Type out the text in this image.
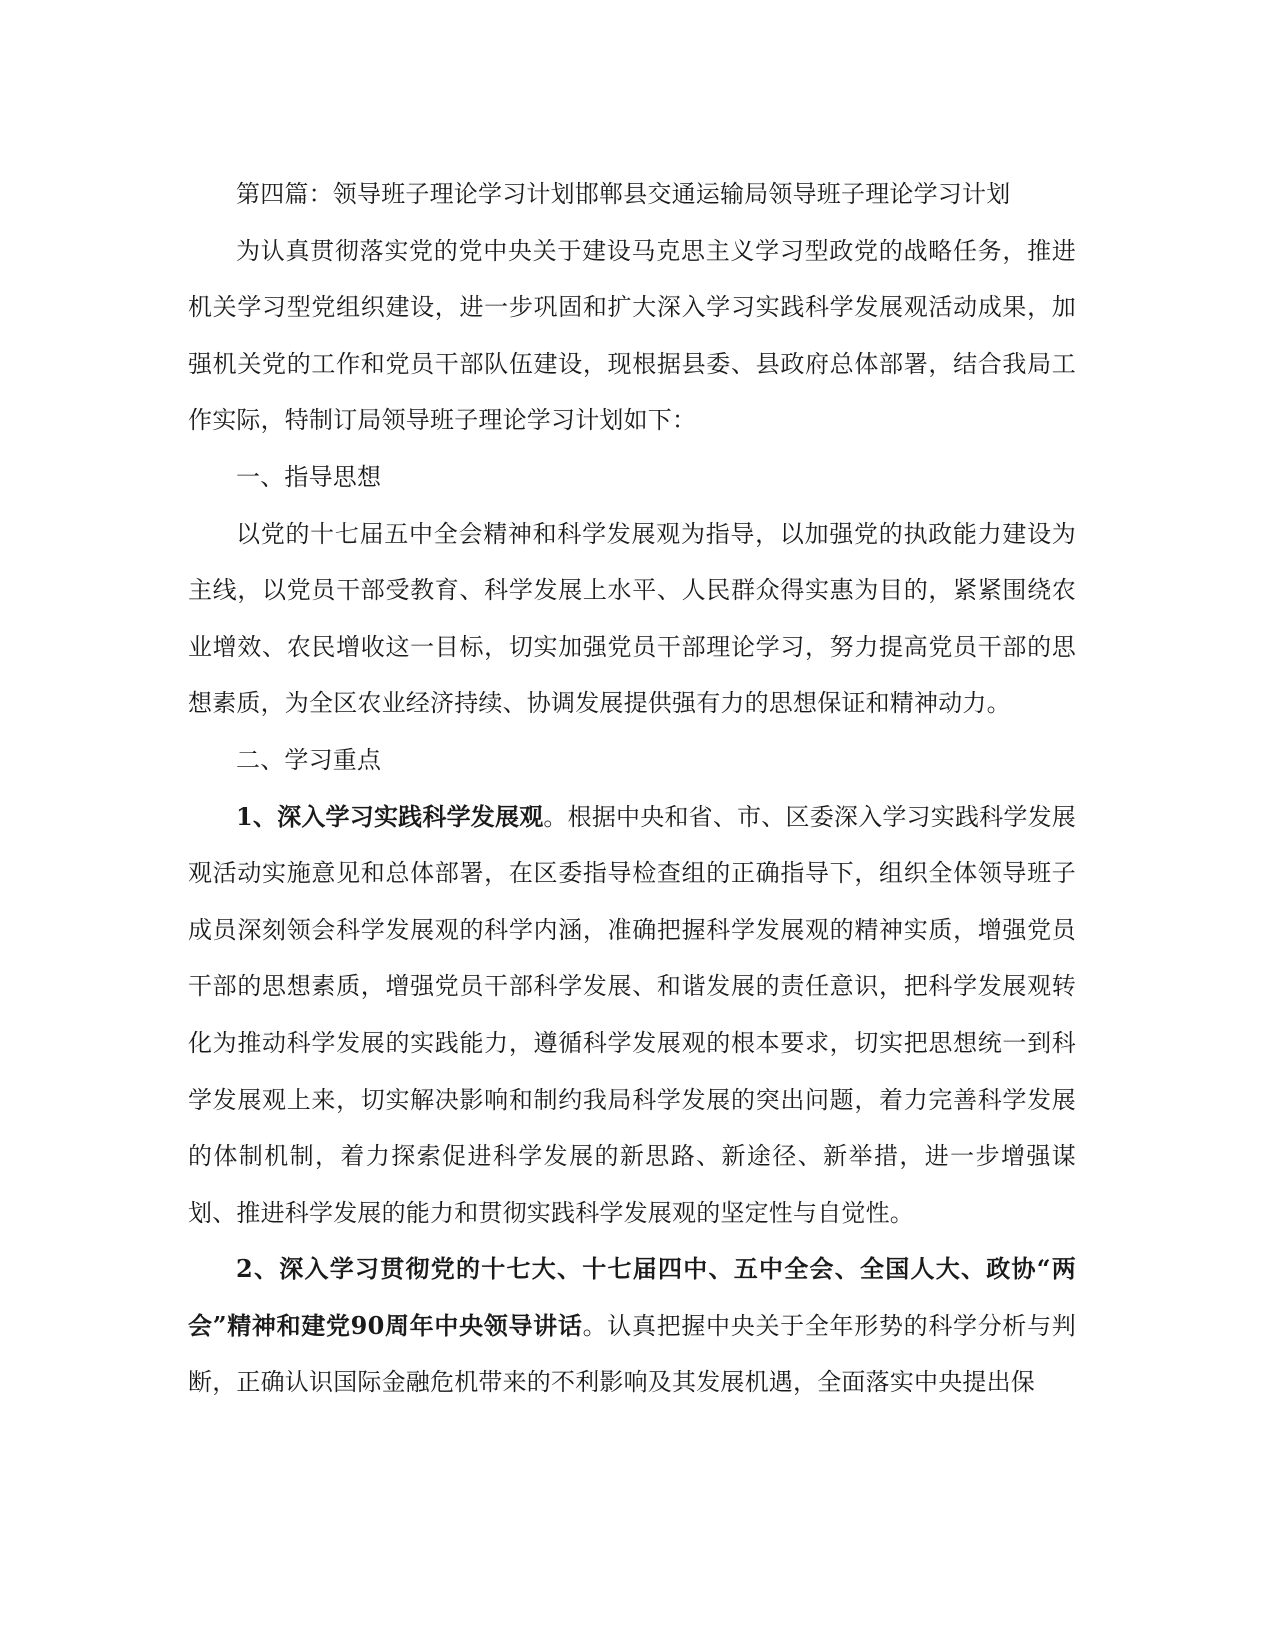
第四篇：领导班子理论学习计划邯郸县交通运输局领导班子理论学习计划

为认真贯彻落实党的党中央关于建设马克思主义学习型政党的战略任务，推进机关学习型党组织建设，进一步巩固和扩大深入学习实践科学发展观活动成果，加强机关党的工作和党员干部队伍建设，现根据县委、县政府总体部署，结合我局工作实际，特制订局领导班子理论学习计划如下：

一、指导思想

以党的十七届五中全会精神和科学发展观为指导，以加强党的执政能力建设为主线，以党员干部受教育、科学发展上水平、人民群众得实惠为目的，紧紧围绕农业增效、农民增收这一目标，切实加强党员干部理论学习，努力提高党员干部的思想素质，为全区农业经济持续、协调发展提供强有力的思想保证和精神动力。

二、学习重点

1、深入学习实践科学发展观。根据中央和省、市、区委深入学习实践科学发展观活动实施意见和总体部署，在区委指导检查组的正确指导下，组织全体领导班子成员深刻领会科学发展观的科学内涵，准确把握科学发展观的精神实质，增强党员干部的思想素质，增强党员干部科学发展、和谐发展的责任意识，把科学发展观转化为推动科学发展的实践能力，遵循科学发展观的根本要求，切实把思想统一到科学发展观上来，切实解决影响和制约我局科学发展的突出问题，着力完善科学发展的体制机制，着力探索促进科学发展的新思路、新途径、新举措，进一步增强谋划、推进科学发展的能力和贯彻实践科学发展观的坚定性与自觉性。

2、深入学习贯彻党的十七大、十七届四中、五中全会、全国人大、政协“两会”精神和建党90周年中央领导讲话。认真把握中央关于全年形势的科学分析与判断，正确认识国际金融危机带来的不利影响及其发展机遇，全面落实中央提出保
